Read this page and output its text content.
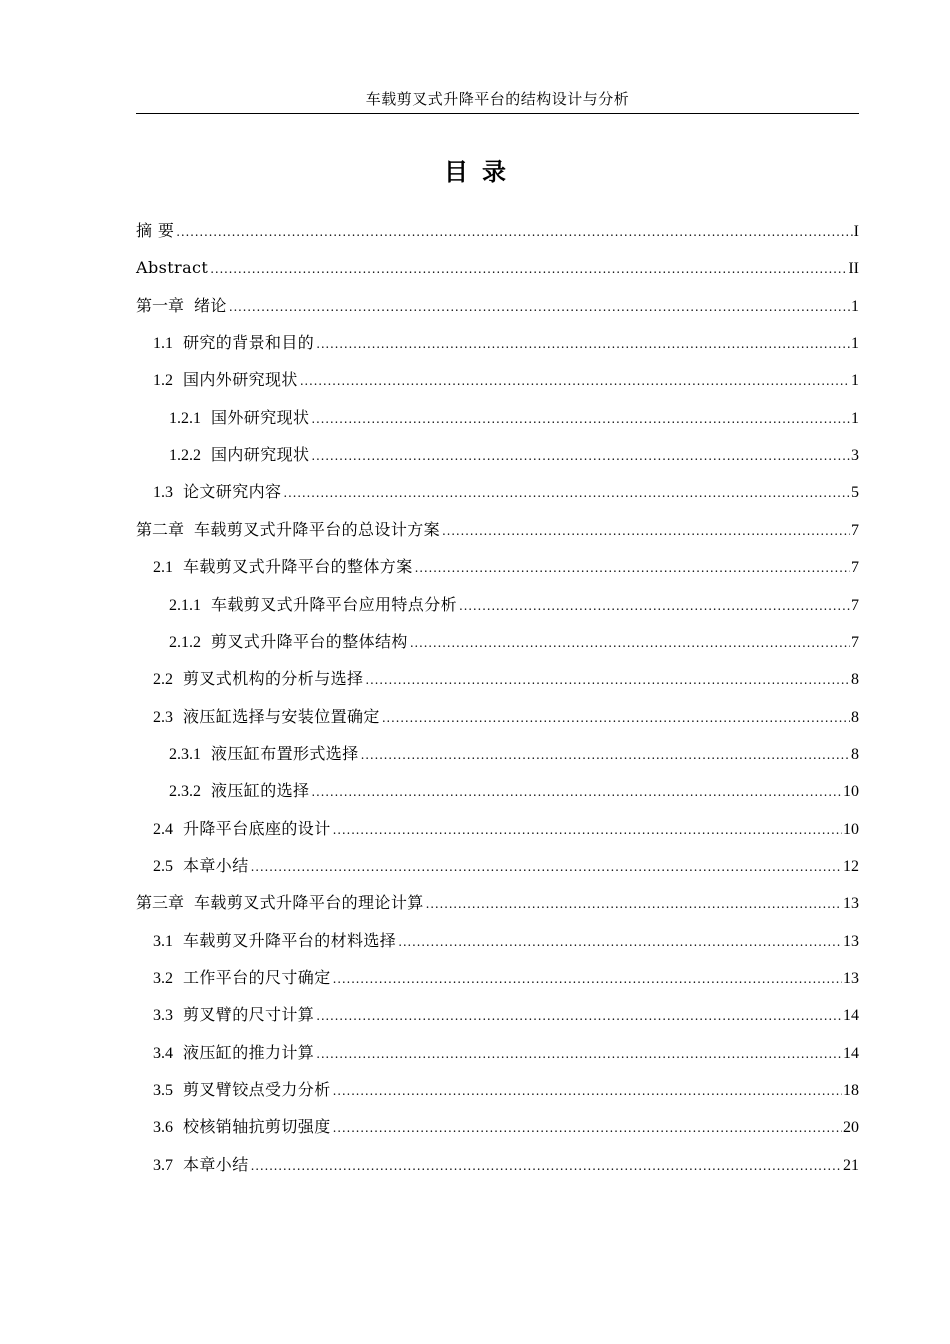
车载剪叉式升降平台的结构设计与分析
目录
摘 要 .....	I
Abstract .....	II
第一章 绪论 .....	1
1.1 研究的背景和目的 .....	1
1.2 国内外研究现状 .....	1
1.2.1 国外研究现状 .....	1
1.2.2 国内研究现状 .....	3
1.3 论文研究内容 .....	5
第二章 车载剪叉式升降平台的总设计方案 .....	7
2.1 车载剪叉式升降平台的整体方案 .....	7
2.1.1 车载剪叉式升降平台应用特点分析 .....	7
2.1.2 剪叉式升降平台的整体结构 .....	7
2.2 剪叉式机构的分析与选择 .....	8
2.3 液压缸选择与安装位置确定 .....	8
2.3.1 液压缸布置形式选择 .....	8
2.3.2 液压缸的选择 .....	10
2.4 升降平台底座的设计 .....	10
2.5 本章小结 .....	12
第三章 车载剪叉式升降平台的理论计算 .....	13
3.1 车载剪叉升降平台的材料选择 .....	13
3.2 工作平台的尺寸确定 .....	13
3.3 剪叉臂的尺寸计算 .....	14
3.4 液压缸的推力计算 .....	14
3.5 剪叉臂铰点受力分析 .....	18
3.6 校核销轴抗剪切强度 .....	20
3.7 本章小结 .....	21
